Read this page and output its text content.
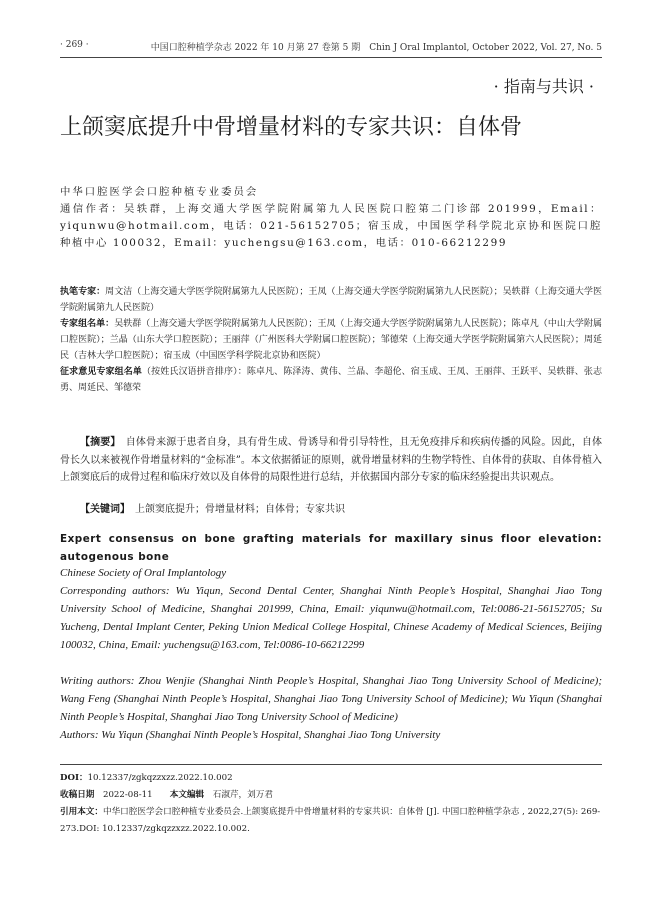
· 269 ·	中国口腔种植学杂志 2022 年 10 月第 27 卷第 5 期　Chin J Oral Implantol, October 2022, Vol. 27, No. 5
· 指南与共识 ·
上颌窦底提升中骨增量材料的专家共识：自体骨
中华口腔医学会口腔种植专业委员会
通信作者：吴轶群，上海交通大学医学院附属第九人民医院口腔第二门诊部 201999，Email：yiqunwu@hotmail.com，电话：021-56152705；宿玉成，中国医学科学院北京协和医院口腔种植中心 100032，Email：yuchengsu@163.com，电话：010-66212299
执笔专家：周文洁（上海交通大学医学院附属第九人民医院）；王凤（上海交通大学医学院附属第九人民医院）；吴轶群（上海交通大学医学院附属第九人民医院）
专家组名单：吴轶群（上海交通大学医学院附属第九人民医院）；王凤（上海交通大学医学院附属第九人民医院）；陈卓凡（中山大学附属口腔医院）；兰晶（山东大学口腔医院）；王丽萍（广州医科大学附属口腔医院）；邹德荣（上海交通大学医学院附属第六人民医院）；周延民（吉林大学口腔医院）；宿玉成（中国医学科学院北京协和医院）
征求意见专家组名单（按姓氏汉语拼音排序）：陈卓凡、陈泽涛、黄伟、兰晶、李超伦、宿玉成、王凤、王丽萍、王跃平、吴轶群、张志勇、周延民、邹德荣
【摘要】　 自体骨来源于患者自身，具有骨生成、骨诱导和骨引导特性，且无免疫排斥和疾病传播的风险。因此，自体骨长久以来被视作骨增量材料的“金标准”。本文依据循证的原则，就骨增量材料的生物学特性、自体骨的获取、自体骨植入上颌窦底后的成骨过程和临床疗效以及自体骨的局限性进行总结，并依据国内部分专家的临床经验提出共识观点。
【关键词】　 上颌窦底提升；骨增量材料；自体骨；专家共识
Expert consensus on bone grafting materials for maxillary sinus floor elevation: autogenous bone
Chinese Society of Oral Implantology
Corresponding authors: Wu Yiqun, Second Dental Center, Shanghai Ninth People’s Hospital, Shanghai Jiao Tong University School of Medicine, Shanghai 201999, China, Email: yiqunwu@hotmail.com, Tel:0086-21-56152705; Su Yucheng, Dental Implant Center, Peking Union Medical College Hospital, Chinese Academy of Medical Sciences, Beijing 100032, China, Email: yuchengsu@163.com, Tel:0086-10-66212299
Writing authors: Zhou Wenjie (Shanghai Ninth People’s Hospital, Shanghai Jiao Tong University School of Medicine); Wang Feng (Shanghai Ninth People’s Hospital, Shanghai Jiao Tong University School of Medicine); Wu Yiqun (Shanghai Ninth People’s Hospital, Shanghai Jiao Tong University School of Medicine)
Authors: Wu Yiqun (Shanghai Ninth People’s Hospital, Shanghai Jiao Tong University
DOI：10.12337/zgkqzzxzz.2022.10.002
收稿日期　 2022-08-11　　 本文编辑　 石淑芹，刘万君
引用本文：中华口腔医学会口腔种植专业委员会.上颌窦底提升中骨增量材料的专家共识：自体骨 [J]. 中国口腔种植学杂志 , 2022,27(5): 269-273.DOI: 10.12337/zgkqzzxzz.2022.10.002.
